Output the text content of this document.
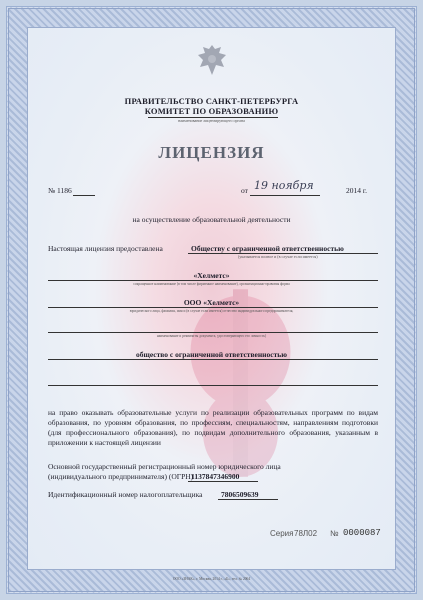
ПРАВИТЕЛЬСТВО САНКТ-ПЕТЕРБУРГА
КОМИТЕТ ПО ОБРАЗОВАНИЮ
наименование лицензирующего органа
ЛИЦЕНЗИЯ
№ 1186	от 19 ноября	2014 г.
на осуществление образовательной деятельности
Настоящая лицензия предоставлена	Обществу с ограниченной ответственностью
(указывается полное и (в случае если имеется)
«Хелметс»
сокращенное наименование (в том числе фирменное наименование), организационно-правовая форма
ООО «Хелметс»
юридического лица, фамилия, имя и (в случае если имеется) отчество индивидуального предпринимателя,
наименование и реквизиты документа, удостоверяющего его личность)
общество с ограниченной ответственностью
на право оказывать образовательные услуги по реализации образовательных программ по видам образования, по уровням образования, по профессиям, специальностям, направлениям подготовки (для профессионального образования), по подвидам дополнительного образования, указанным в приложении к настоящей лицензии
Основной государственный регистрационный номер юридического лица
(индивидуального предпринимателя) (ОГРН)
1137847346900
Идентификационный номер налогоплательщика 7806509639
Серия 78Л02 № 0000087
ООО «ЗНАК», г. Москва, 2014 г., «Б», тел. № 2064
